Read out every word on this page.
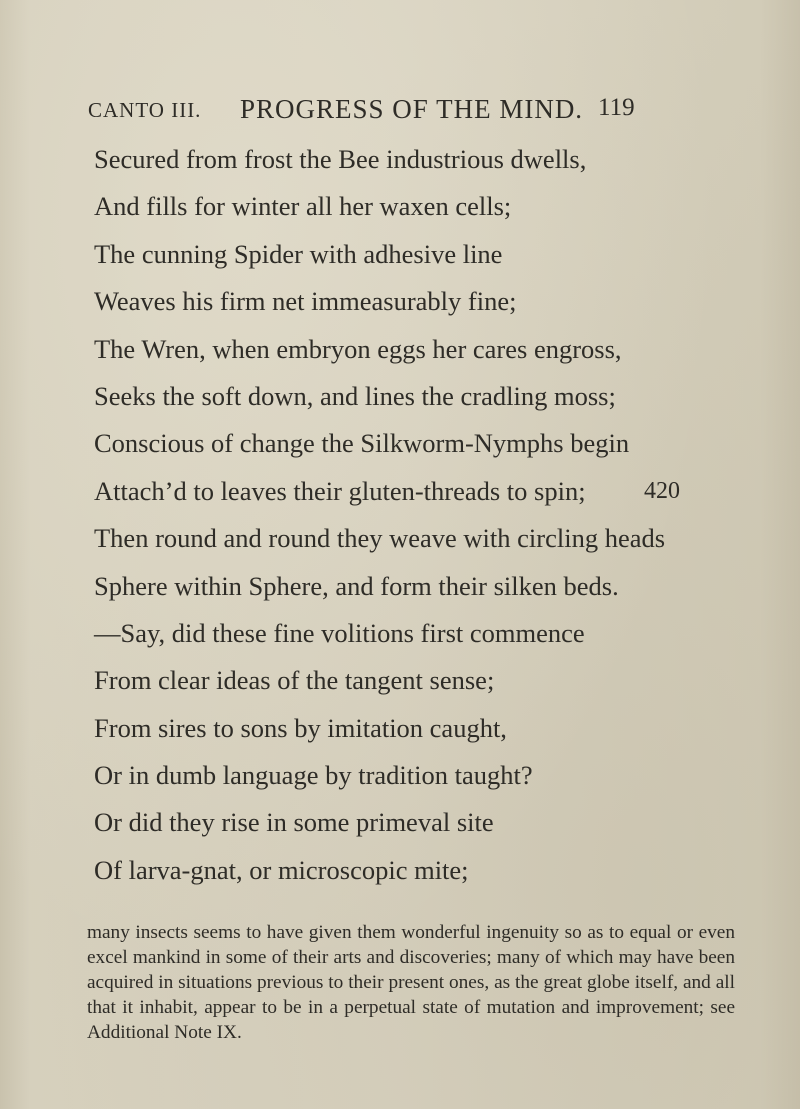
CANTO III. PROGRESS OF THE MIND. 119
Secured from frost the Bee industrious dwells,
And fills for winter all her waxen cells;
The cunning Spider with adhesive line
Weaves his firm net immeasurably fine;
The Wren, when embryon eggs her cares engross,
Seeks the soft down, and lines the cradling moss;
Conscious of change the Silkworm-Nymphs begin
Attach’d to leaves their gluten-threads to spin; 420
Then round and round they weave with circling heads
Sphere within Sphere, and form their silken beds.
—Say, did these fine volitions first commence
From clear ideas of the tangent sense;
From sires to sons by imitation caught,
Or in dumb language by tradition taught?
Or did they rise in some primeval site
Of larva-gnat, or microscopic mite;
many insects seems to have given them wonderful ingenuity so as to equal or even excel mankind in some of their arts and discoveries; many of which may have been acquired in situations previous to their present ones, as the great globe itself, and all that it inhabit, appear to be in a perpetual state of mutation and improvement; see Additional Note IX.
